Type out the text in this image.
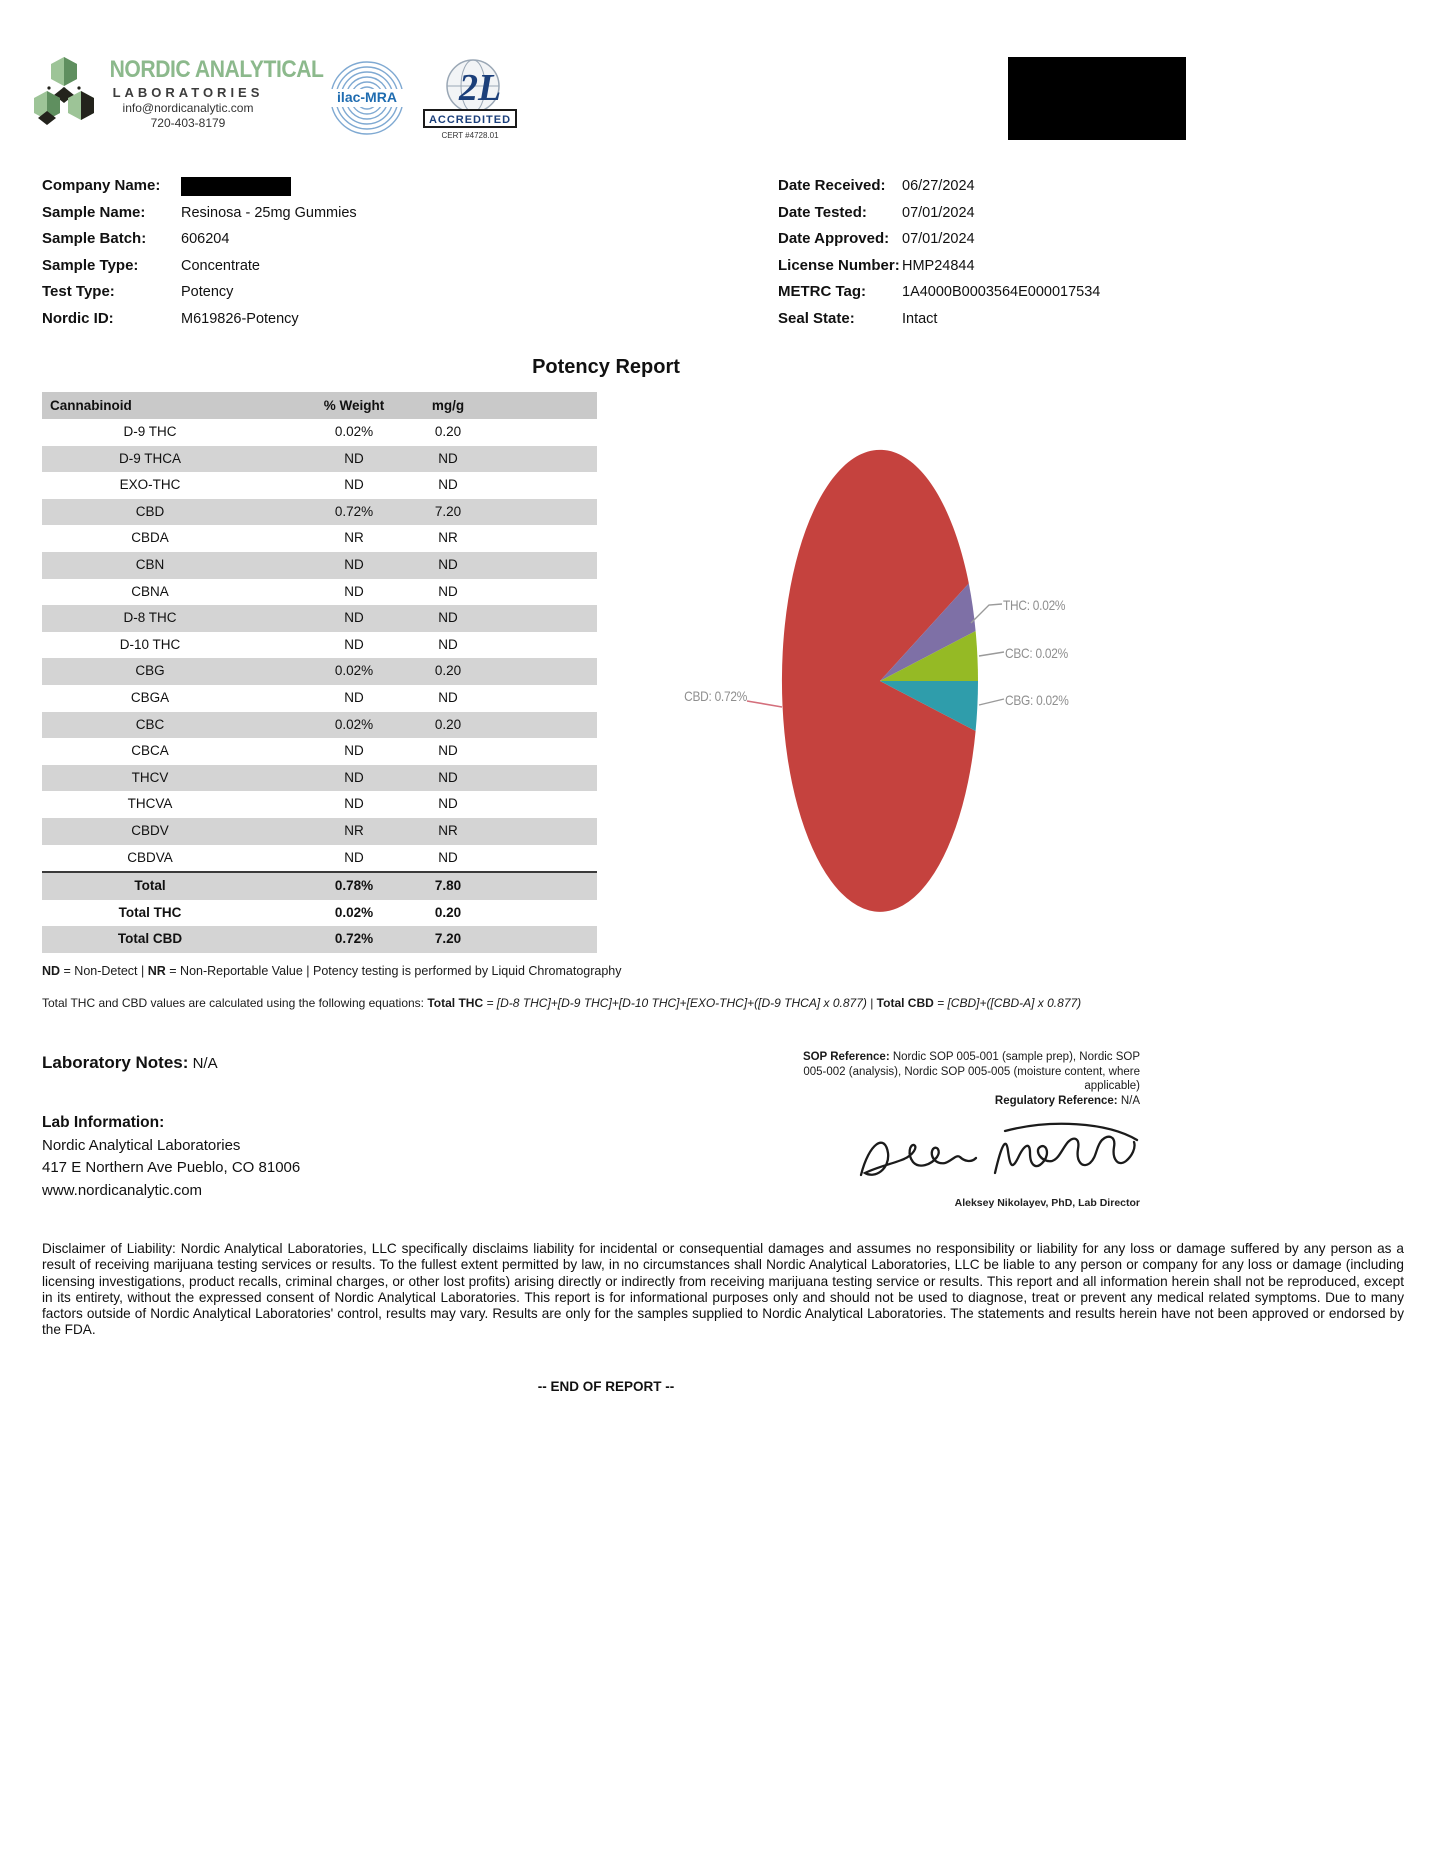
NORDIC ANALYTICAL
LABORATORIES
info@nordicanalytic.com
720-403-8179
ilac-MRA 2L
ACCREDITED
CERT #4728.01
Company Name:
Sample Name: Resinosa - 25mg Gummies
Sample Batch: 606204
Sample Type:	Concentrate
Test Type:	Potency
Nordic ID:	M619826-Potency
Date Received: 06/27/2024
Date Tested: 07/01/2024
Date Approved: 07/01/2024
License Number: HMP24844
METRC Tag: 1A4000B0003564E000017534
Seal State:	Intact
Potency Report
Cannabinoid	% Weight	mg/g
D-9 THC	0.02%	0.20
D-9 THCA	ND	ND
EXO-THC	ND	ND
CBD	0.72%	7.20
CBDA	NR	NR
CBN	ND	ND
CBNA	ND	ND
D-8 THC	ND	ND
D-10 THC	ND	ND
CBG	0.02%	0.20
CBGA	ND	ND
CBC	0.02%	0.20
CBCA	ND	ND
THCV	ND	ND
THCVA	ND	ND
CBDV	NR	NR
CBDVA	ND	ND
Total	0.78%	7.80
Total THC	0.02%	0.20
Total CBD	0.72%	7.20
ND = Non-Detect | NR = Non-Reportable Value | Potency testing is performed by Liquid Chromatography
Total THC and CBD values are calculated using the following equations: Total THC = [D-8 THC]+[D-9 THC]+[D-10 THC]+[EXO-THC]+([D-9 THCA] x 0.877) | Total CBD = [CBD]+([CBD-A] x 0.877)
THC: 0.02%
CBC: 0.02%
CBG: 0.02%
CBD: 0.72%
Laboratory Notes: N/A	SOP Reference: Nordic SOP 005-001 (sample prep), Nordic SOP 005-002 (analysis), Nordic SOP 005-005 (moisture content, where applicable)
Regulatory Reference: N/A
Lab Information:
Nordic Analytical Laboratories
417 E Northern Ave Pueblo, CO 81006
www.nordicanalytic.com
Aleksey Nikolayev, PhD, Lab Director
Disclaimer of Liability: Nordic Analytical Laboratories, LLC specifically disclaims liability for incidental or consequential damages and assumes no responsibility or liability for any loss or damage suffered by any person as a result of receiving marijuana testing services or results. To the fullest extent permitted by law, in no circumstances shall Nordic Analytical Laboratories, LLC be liable to any person or company for any loss or damage (including licensing investigations, product recalls, criminal charges, or other lost profits) arising directly or indirectly from receiving marijuana testing service or results. This report and all information herein shall not be reproduced, except in its entirety, without the expressed consent of Nordic Analytical Laboratories. This report is for informational purposes only and should not be used to diagnose, treat or prevent any medical related symptoms. Due to many factors outside of Nordic Analytical Laboratories' control, results may vary. Results are only for the samples supplied to Nordic Analytical Laboratories. The statements and results herein have not been approved or endorsed by the FDA.
-- END OF REPORT --
